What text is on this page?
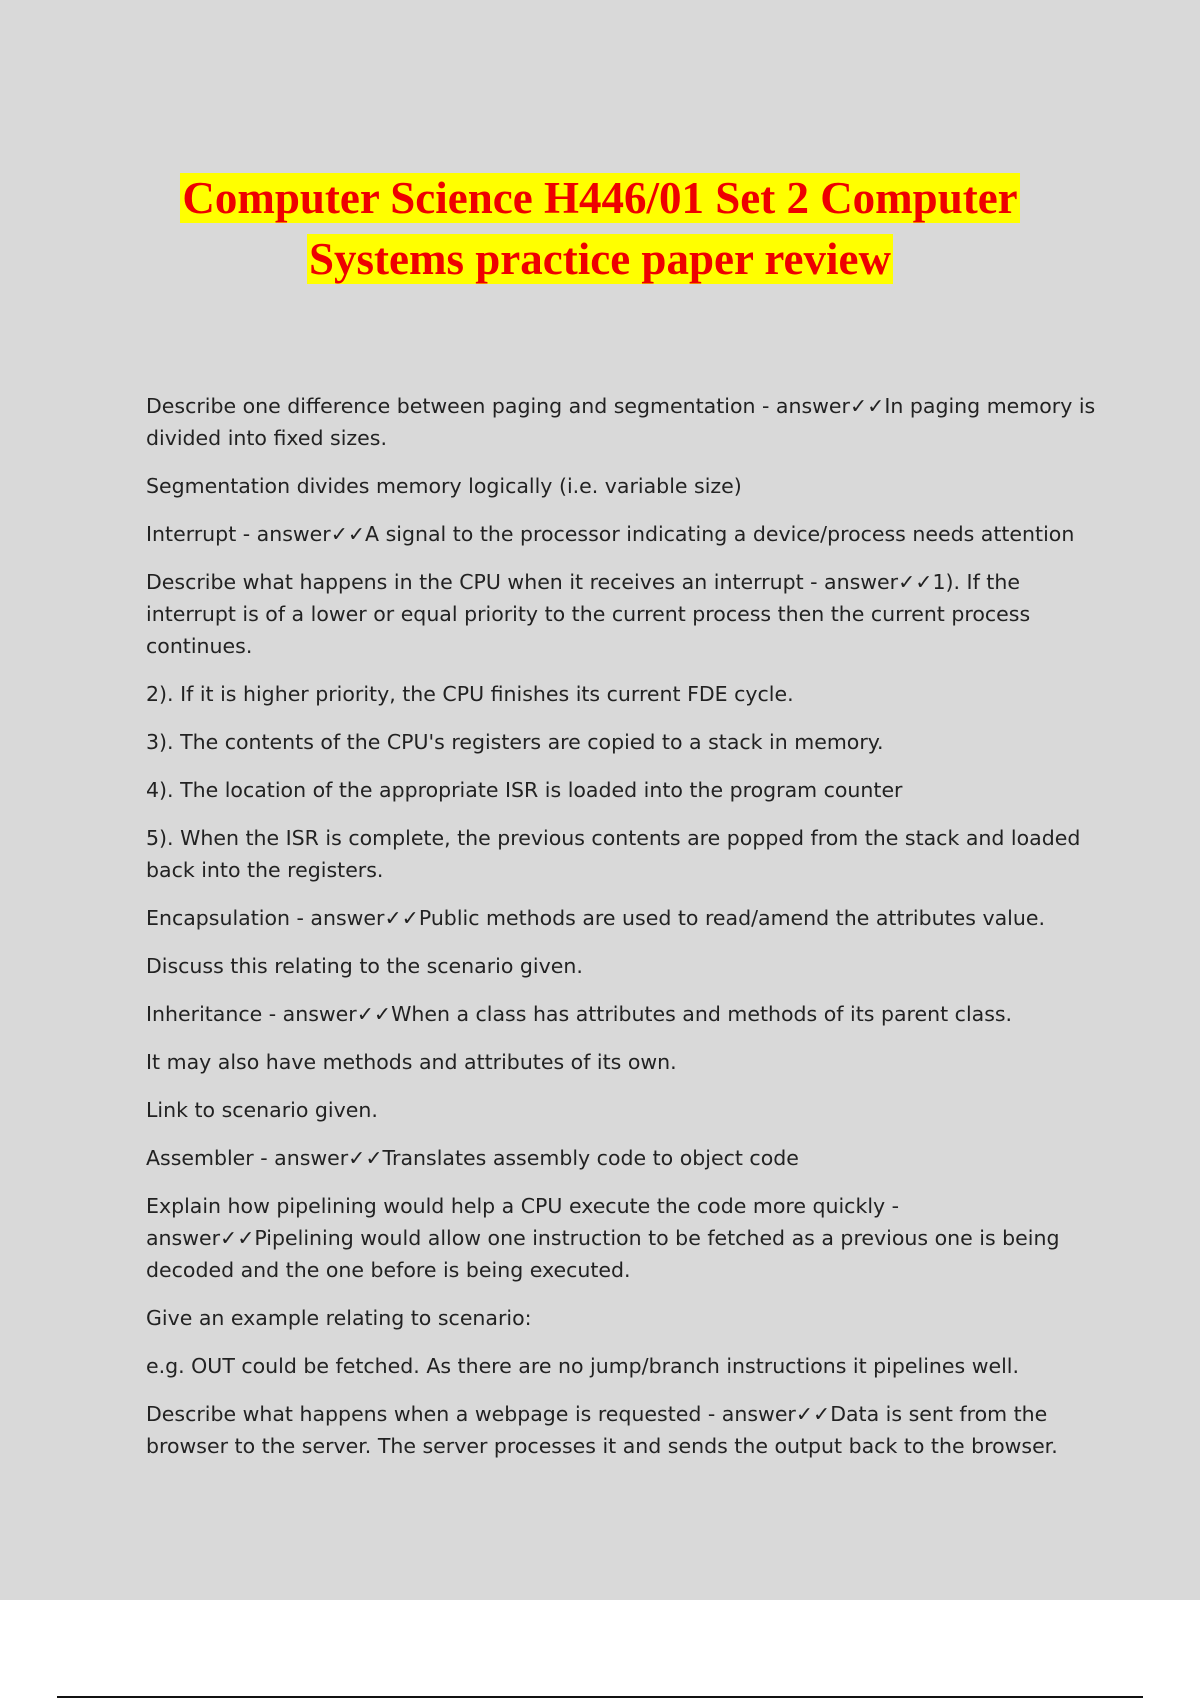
Computer Science H446/01 Set 2 Computer
Systems practice paper review

Describe one difference between paging and segmentation - answer✓✓In paging memory is divided into fixed sizes.

Segmentation divides memory logically (i.e. variable size)

Interrupt - answer✓✓A signal to the processor indicating a device/process needs attention

Describe what happens in the CPU when it receives an interrupt - answer✓✓1). If the interrupt is of a lower or equal priority to the current process then the current process continues.

2). If it is higher priority, the CPU finishes its current FDE cycle.

3). The contents of the CPU's registers are copied to a stack in memory.

4). The location of the appropriate ISR is loaded into the program counter

5). When the ISR is complete, the previous contents are popped from the stack and loaded back into the registers.

Encapsulation - answer✓✓Public methods are used to read/amend the attributes value.

Discuss this relating to the scenario given.

Inheritance - answer✓✓When a class has attributes and methods of its parent class.

It may also have methods and attributes of its own.

Link to scenario given.

Assembler - answer✓✓Translates assembly code to object code

Explain how pipelining would help a CPU execute the code more quickly - answer✓✓Pipelining would allow one instruction to be fetched as a previous one is being decoded and the one before is being executed.

Give an example relating to scenario:

e.g. OUT could be fetched. As there are no jump/branch instructions it pipelines well.

Describe what happens when a webpage is requested - answer✓✓Data is sent from the browser to the server. The server processes it and sends the output back to the browser.
